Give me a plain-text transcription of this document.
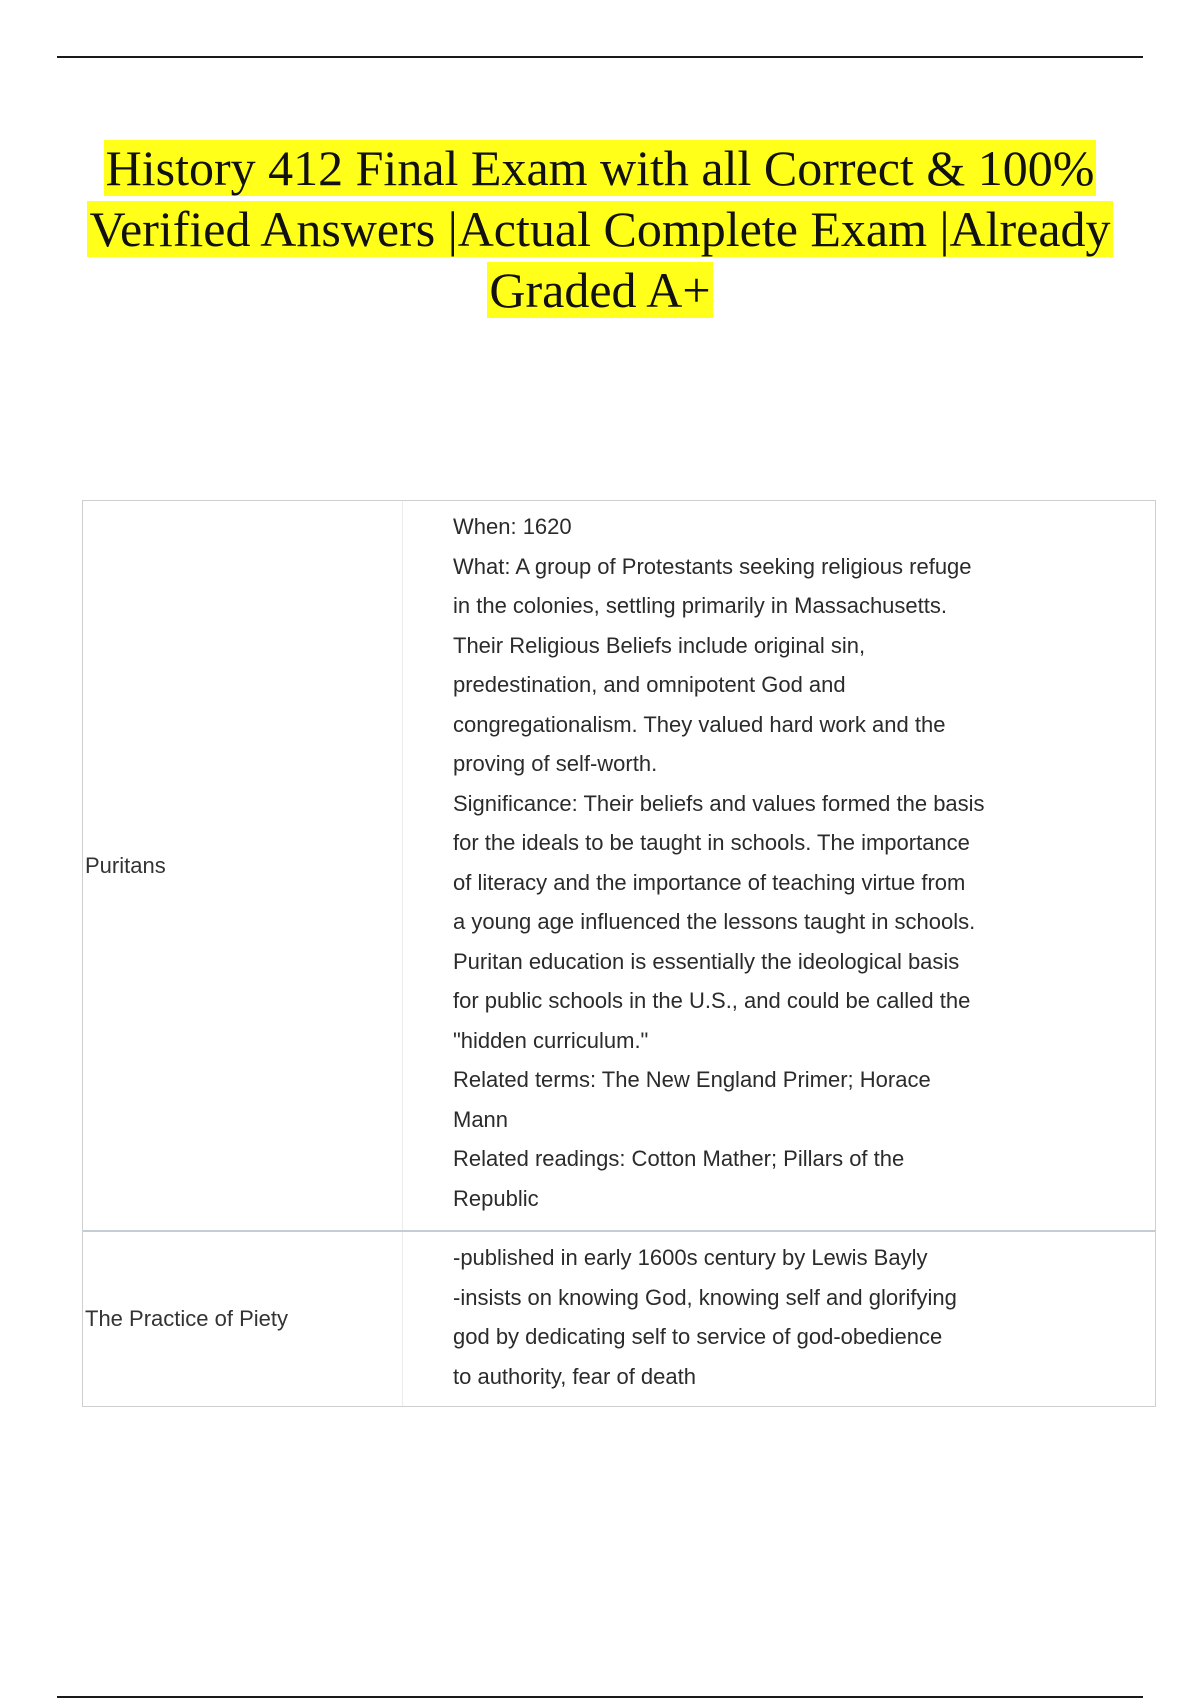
History 412 Final Exam with all Correct & 100%
Verified Answers |Actual Complete Exam |Already
Graded A+
Puritans
When: 1620
What: A group of Protestants seeking religious refuge
in the colonies, settling primarily in Massachusetts.
Their Religious Beliefs include original sin,
predestination, and omnipotent God and
congregationalism. They valued hard work and the
proving of self-worth.
Significance: Their beliefs and values formed the basis
for the ideals to be taught in schools. The importance
of literacy and the importance of teaching virtue from
a young age influenced the lessons taught in schools.
Puritan education is essentially the ideological basis
for public schools in the U.S., and could be called the
"hidden curriculum."
Related terms: The New England Primer; Horace
Mann
Related readings: Cotton Mather; Pillars of the
Republic
The Practice of Piety
-published in early 1600s century by Lewis Bayly
-insists on knowing God, knowing self and glorifying
god by dedicating self to service of god-obedience
to authority, fear of death
